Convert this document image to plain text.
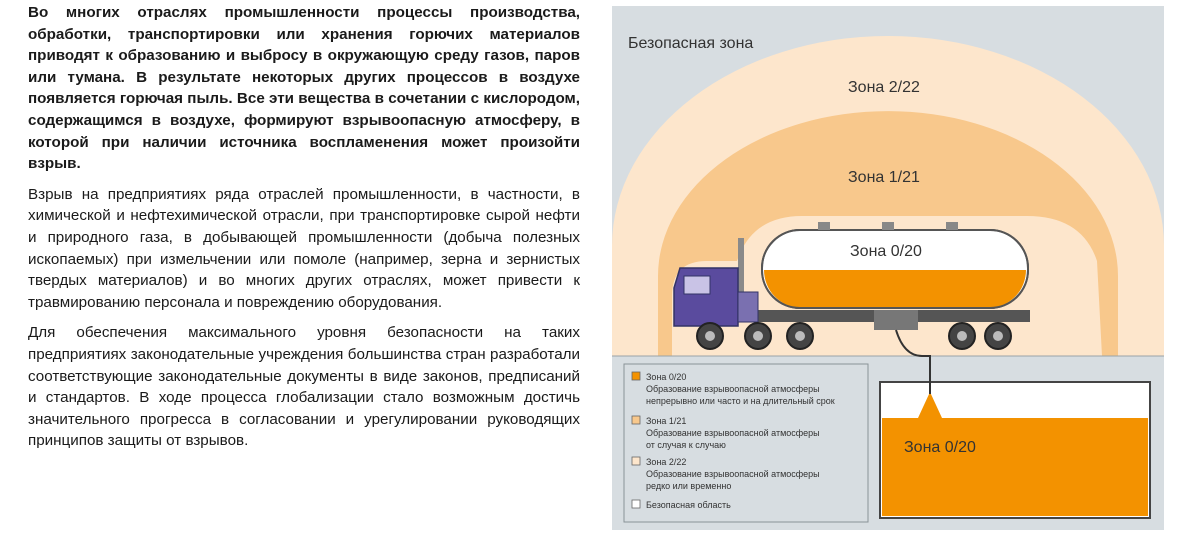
Во многих отраслях промышленности процессы производства, обработки, транспортировки или хранения горючих материалов приводят к образованию и выбросу в окружающую среду газов, паров или тумана. В результате некоторых других процессов в воздухе появляется горючая пыль. Все эти вещества в сочетании с кислородом, содержащимся в воздухе, формируют взрывоопасную атмосферу, в которой при наличии источника воспламенения может произойти взрыв.

Взрыв на предприятиях ряда отраслей промышленности, в частности, в химической и нефтехимической отрасли, при транспортировке сырой нефти и природного газа, в добывающей промышленности (добыча полезных ископаемых) при измельчении или помоле (например, зерна и зернистых твердых материалов) и во многих других отраслях, может привести к травмированию персонала и повреждению оборудования.

Для обеспечения максимального уровня безопасности на таких предприятиях законодательные учреждения большинства стран разработали соответствующие законодательные документы в виде законов, предписаний и стандартов. В ходе процесса глобализации стало возможным достичь значительного прогресса в согласовании и урегулировании руководящих принципов защиты от взрывов.

Безопасная зона
Зона 2/22
Зона 1/21
Зона 0/20
Зона 0/20
Зона 0/20
Образование взрывоопасной атмосферы
непрерывно или часто и на длительный срок
Зона 1/21
Образование взрывоопасной атмосферы
от случая к случаю
Зона 2/22
Образование взрывоопасной атмосферы
редко или временно
Безопасная область
